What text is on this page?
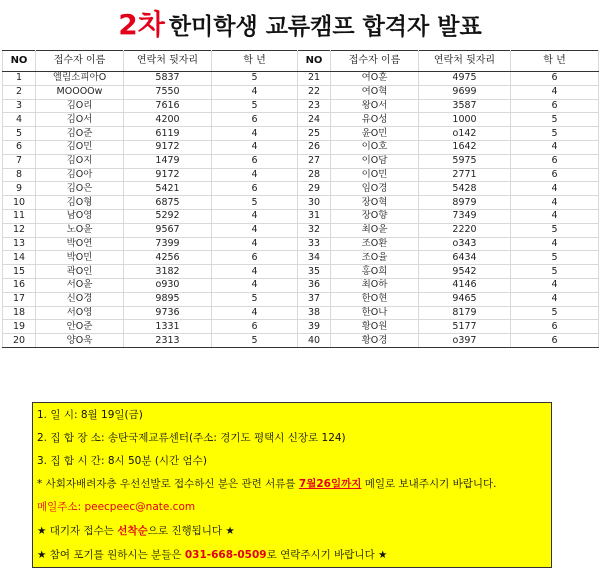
2차 한미학생 교류캠프 합격자 발표
NO	접수자 이름	연락처 뒷자리	학 년	NO	접수자 이름	연락처 뒷자리	학 년
1	엘림소피아O	5837	5	21	여O훈	4975	6
2	MOOOOw	7550	4	22	여O혁	9699	4
3	김O리	7616	5	23	왕O서	3587	6
4	김O서	4200	6	24	유O성	1000	5
5	김O준	6119	4	25	윤O민	o142	5
6	김O민	9172	4	26	이O호	1642	4
7	김O지	1479	6	27	이O담	5975	6
8	김O아	9172	4	28	이O민	2771	6
9	김O은	5421	6	29	임O경	5428	4
10	김O형	6875	5	30	장O혁	8979	4
11	남O영	5292	4	31	장O향	7349	4
12	노O윤	9567	4	32	최O윤	2220	5
13	박O연	7399	4	33	조O환	o343	4
14	박O민	4256	6	34	조O율	6434	5
15	곽O인	3182	4	35	홍O희	9542	5
16	서O윤	o930	4	36	최O하	4146	4
17	신O경	9895	5	37	한O현	9465	4
18	서O영	9736	4	38	한O나	8179	5
19	안O준	1331	6	39	황O원	5177	6
20	양O욱	2313	5	40	황O경	o397	6
1. 일 시: 8월 19일(금)
2. 집 합 장 소: 송탄국제교류센터(주소: 경기도 평택시 신장로 124)
3. 집 합 시 간: 8시 50분 (시간 엄수)
* 사회자배려자층 우선선발로 접수하신 분은 관련 서류를 7월26일까지 메일로 보내주시기 바랍니다.
메일주소: peecpeec@nate.com
★ 대기자 접수는 선착순으로 진행됩니다 ★
★ 참여 포기를 원하시는 분들은 031-668-0509로 연락주시기 바랍니다 ★
